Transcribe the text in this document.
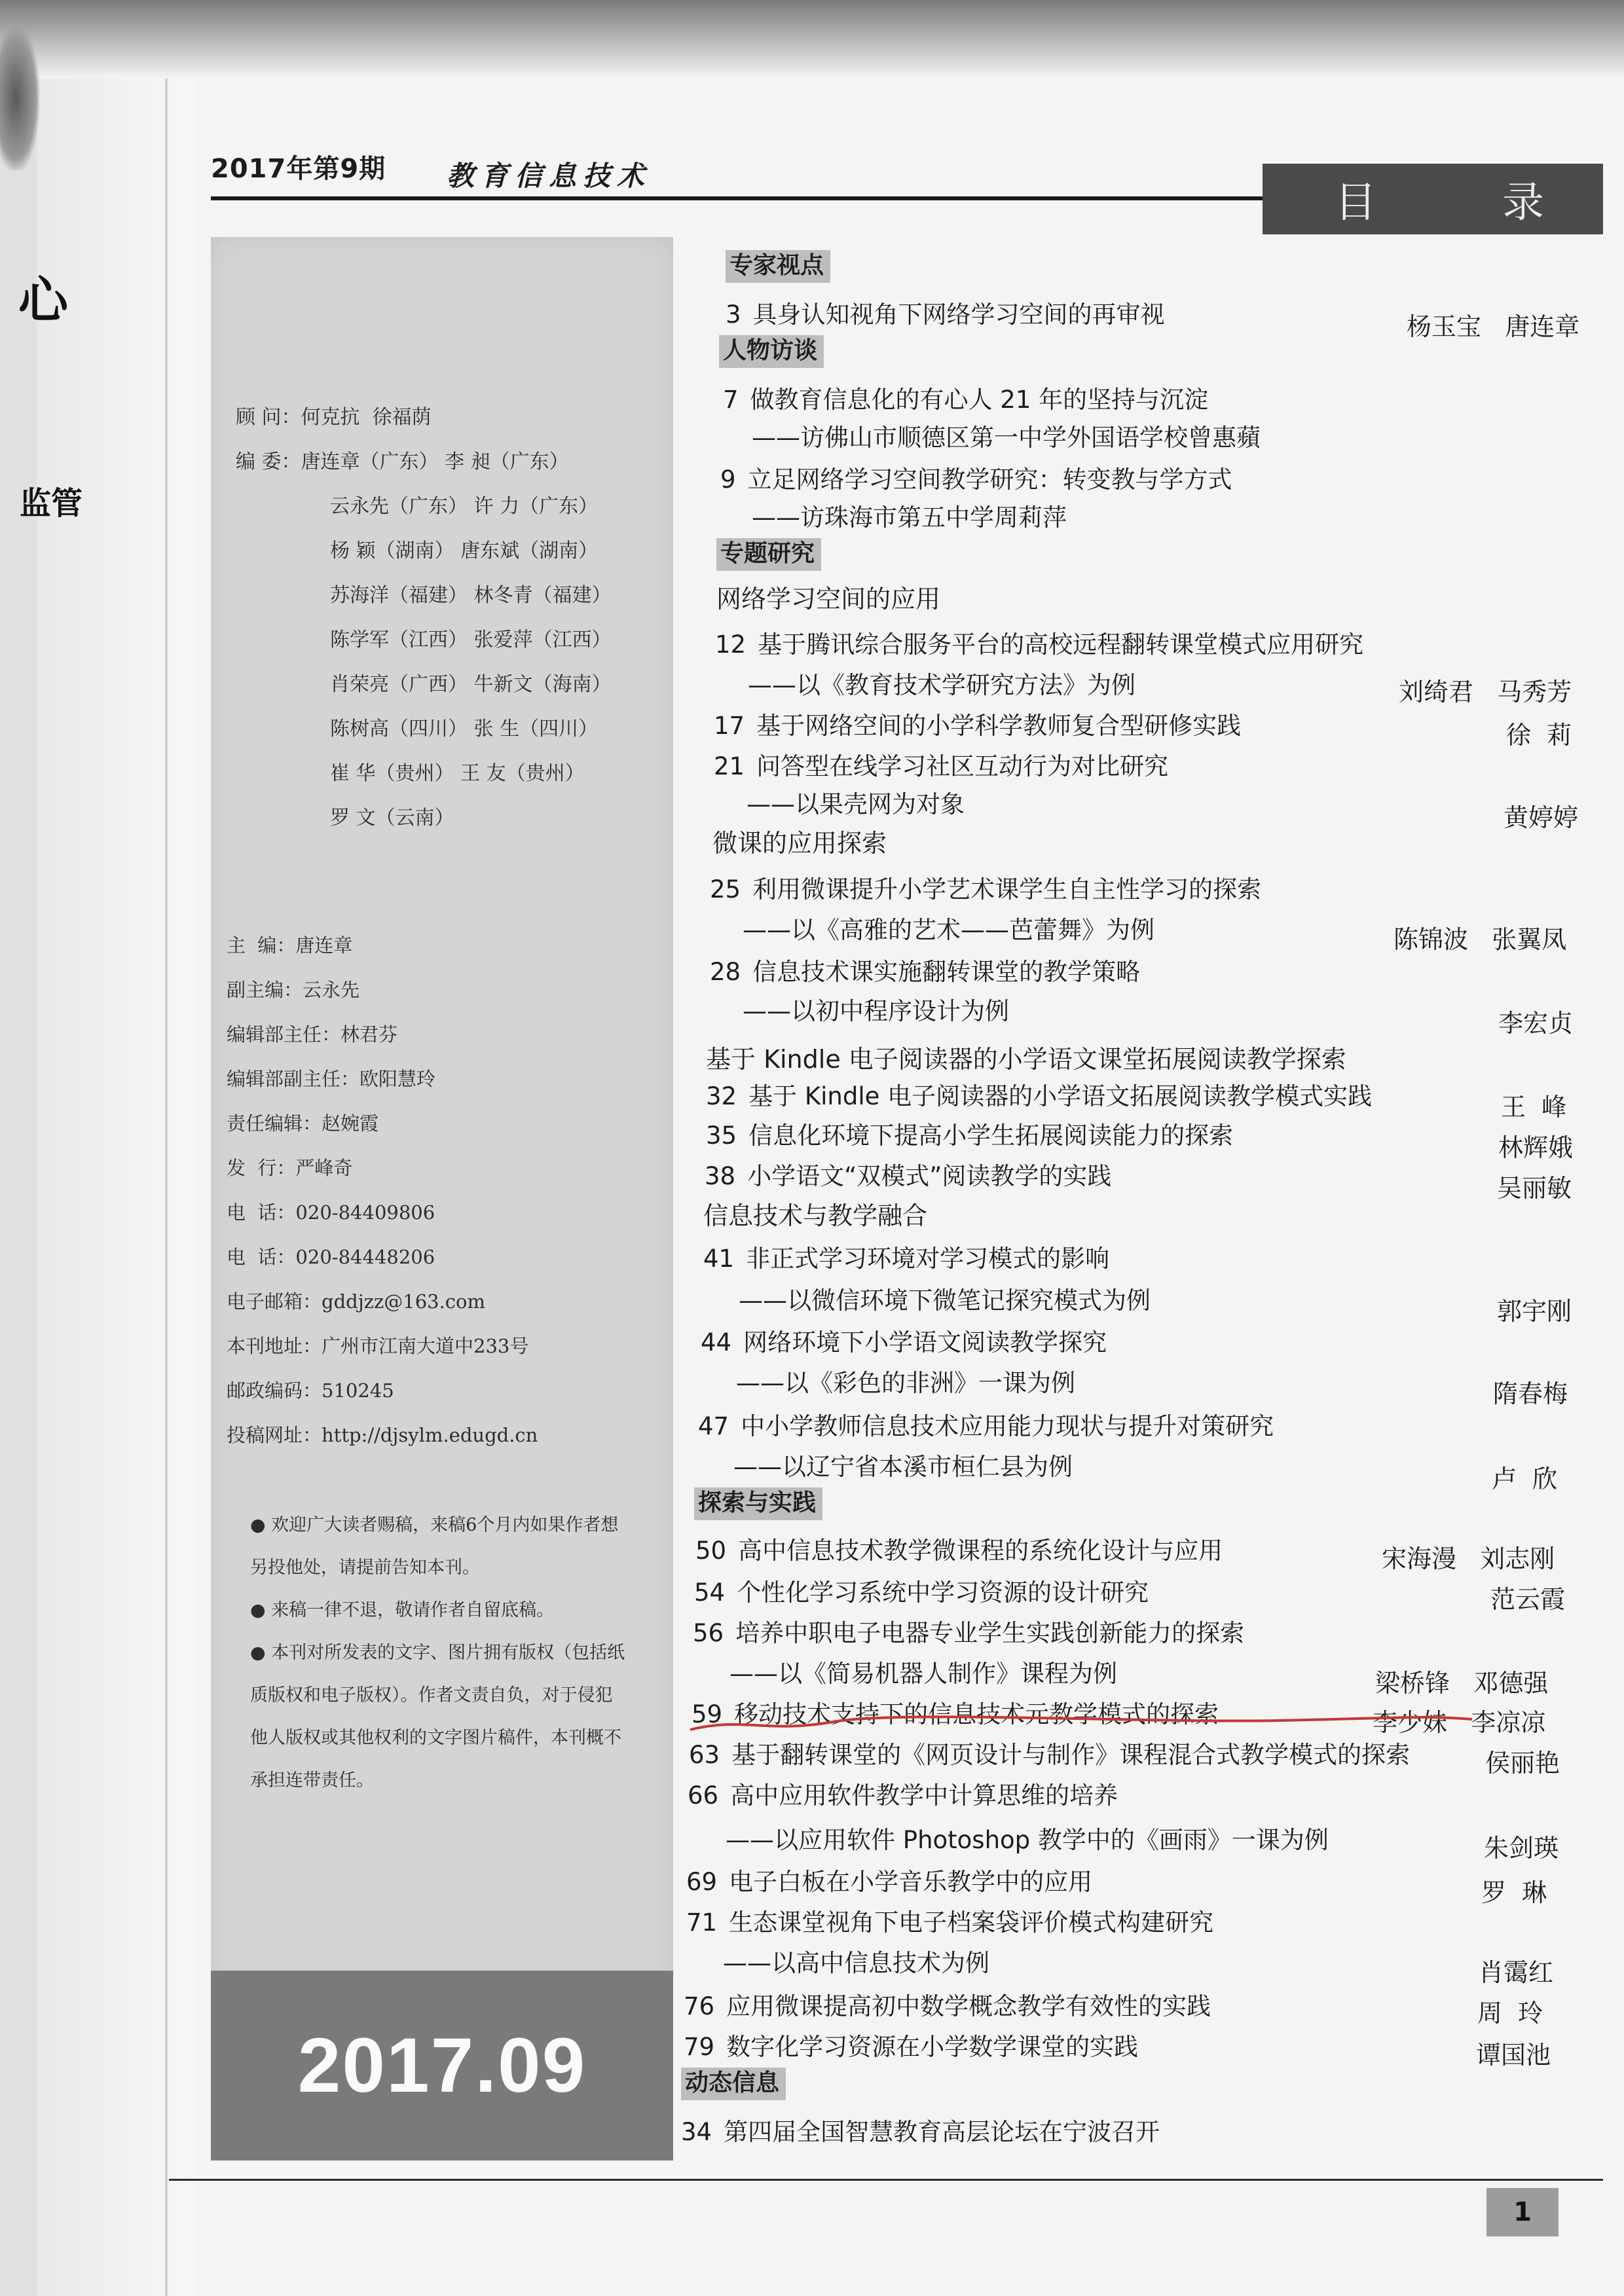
心
监管
2017年第9期 教育信息技术
目	录
顾 问：何克抗  徐福荫
编 委：唐连章（广东） 李 昶（广东）
云永先（广东） 许 力（广东）
杨 颖（湖南） 唐东斌（湖南）
苏海洋（福建） 林冬青（福建）
陈学军（江西） 张爱萍（江西）
肖荣亮（广西） 牛新文（海南）
陈树高（四川） 张 生（四川）
崔 华（贵州） 王 友（贵州）
罗 文（云南）
主  编：唐连章
副主编：云永先
编辑部主任：林君芬
编辑部副主任：欧阳慧玲
责任编辑：赵婉霞
发  行：严峰奇
电  话：020-84409806
电  话：020-84448206
电子邮箱：gddjzz@163.com
本刊地址：广州市江南大道中233号
邮政编码：510245
投稿网址：http://djsylm.edugd.cn
● 欢迎广大读者赐稿，来稿6个月内如果作者想另投他处，请提前告知本刊。
● 来稿一律不退，敬请作者自留底稿。
● 本刊对所发表的文字、图片拥有版权（包括纸质版权和电子版权）。作者文责自负，对于侵犯他人版权或其他权利的文字图片稿件，本刊概不承担连带责任。
2017.09
专家视点
人物访谈
专题研究
探索与实践
动态信息
网络学习空间的应用
微课的应用探索
基于 Kindle 电子阅读器的小学语文课堂拓展阅读教学探索
信息技术与教学融合
3 具身认知视角下网络学习空间的再审视	杨玉宝   唐连章
7 做教育信息化的有心人 21 年的坚持与沉淀
——访佛山市顺德区第一中学外国语学校曾惠蘋
9 立足网络学习空间教学研究：转变教与学方式
——访珠海市第五中学周莉萍
12 基于腾讯综合服务平台的高校远程翻转课堂模式应用研究
——以《教育技术学研究方法》为例	刘绮君   马秀芳
17 基于网络空间的小学科学教师复合型研修实践	徐  莉
21 问答型在线学习社区互动行为对比研究
——以果壳网为对象	黄婷婷
25 利用微课提升小学艺术课学生自主性学习的探索
——以《高雅的艺术——芭蕾舞》为例	陈锦波   张翼凤
28 信息技术课实施翻转课堂的教学策略
——以初中程序设计为例	李宏贞
32 基于 Kindle 电子阅读器的小学语文拓展阅读教学模式实践	王  峰
35 信息化环境下提高小学生拓展阅读能力的探索	林辉娥
38 小学语文“双模式”阅读教学的实践	吴丽敏
41 非正式学习环境对学习模式的影响
——以微信环境下微笔记探究模式为例	郭宇刚
44 网络环境下小学语文阅读教学探究
——以《彩色的非洲》一课为例	隋春梅
47 中小学教师信息技术应用能力现状与提升对策研究
——以辽宁省本溪市桓仁县为例	卢  欣
50 高中信息技术教学微课程的系统化设计与应用	宋海漫   刘志刚
54 个性化学习系统中学习资源的设计研究	范云霞
56 培养中职电子电器专业学生实践创新能力的探索
——以《简易机器人制作》课程为例	梁桥锋   邓德强
59 移动技术支持下的信息技术元教学模式的探索	李少妹   李凉凉
63 基于翻转课堂的《网页设计与制作》课程混合式教学模式的探索	侯丽艳
66 高中应用软件教学中计算思维的培养
——以应用软件 Photoshop 教学中的《画雨》一课为例	朱剑瑛
69 电子白板在小学音乐教学中的应用	罗  琳
71 生态课堂视角下电子档案袋评价模式构建研究
——以高中信息技术为例	肖霭红
76 应用微课提高初中数学概念教学有效性的实践	周  玲
79 数字化学习资源在小学数学课堂的实践	谭国池
34 第四届全国智慧教育高层论坛在宁波召开
1
